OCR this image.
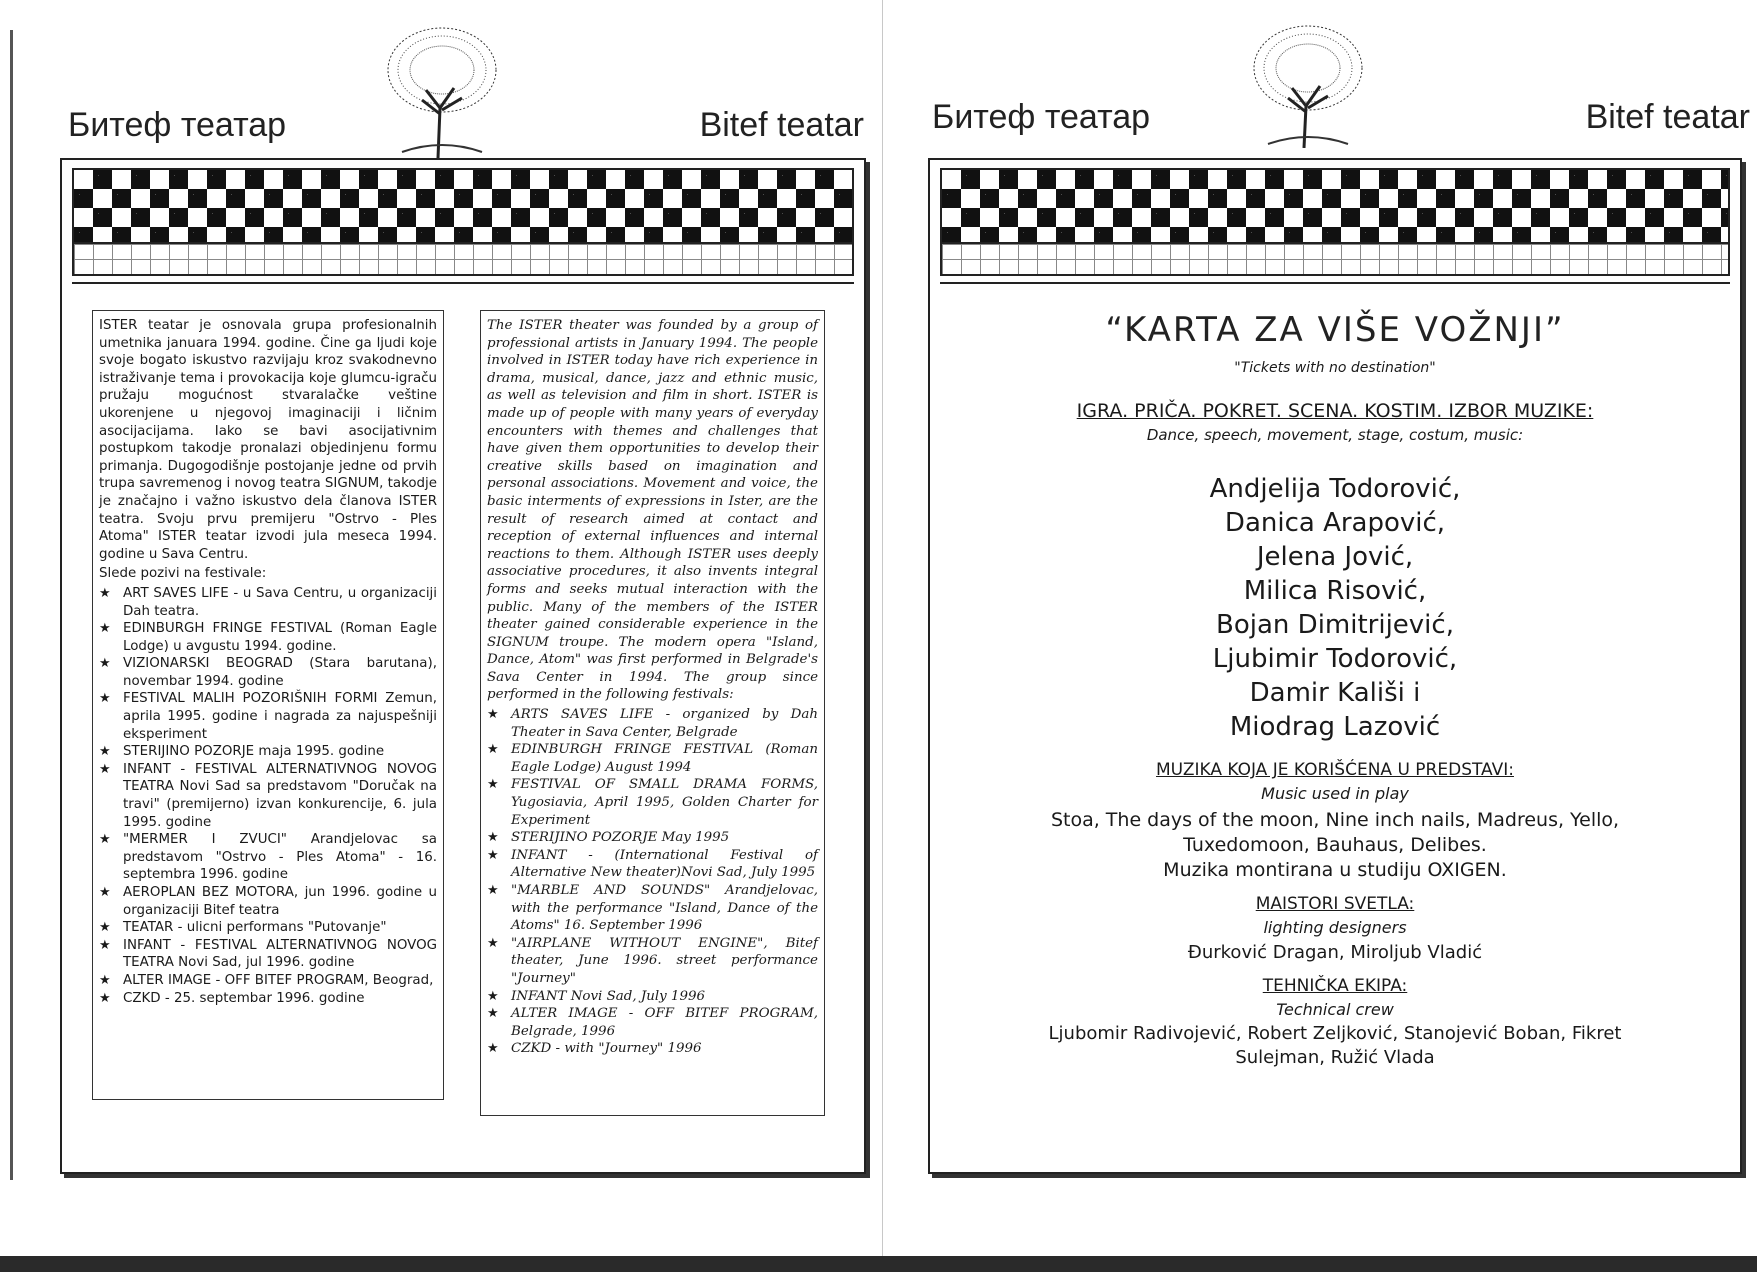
Битеф театар	Bitef teatar

ISTER teatar je osnovala grupa profesionalnih umetnika januara 1994. godine. Čine ga ljudi koje svoje bogato iskustvo razvijaju kroz svakodnevno istraživanje tema i provokacija koje glumcu-igraču pružaju mogućnost stvaralačke veštine ukorenjene u njegovoj imaginaciji i ličnim asocijacijama. Iako se bavi asocijativnim postupkom takodje pronalazi objedinjenu formu primanja. Dugogodišnje postojanje jedne od prvih trupa savremenog i novog teatra SIGNUM, takodje je značajno i važno iskustvo dela članova ISTER teatra. Svoju prvu premijeru "Ostrvo - Ples Atoma" ISTER teatar izvodi jula meseca 1994. godine u Sava Centru.

Slede pozivi na festivale:

★ ART SAVES LIFE - u Sava Centru, u organizaciji Dah teatra.
★ EDINBURGH FRINGE FESTIVAL (Roman Eagle Lodge) u avgustu 1994. godine.
★ VIZIONARSKI BEOGRAD (Stara barutana), novembar 1994. godine
★ FESTIVAL MALIH POZORIŠNIH FORMI Zemun, aprila 1995. godine i nagrada za najuspešniji eksperiment
★ STERIJINO POZORJE maja 1995. godine
★ INFANT - FESTIVAL ALTERNATIVNOG NOVOG TEATRA Novi Sad sa predstavom "Doručak na travi" (premijerno) izvan konkurencije, 6. jula 1995. godine
★ "MERMER I ZVUCI" Arandjelovac sa predstavom "Ostrvo - Ples Atoma" - 16. septembra 1996. godine
★ AEROPLAN BEZ MOTORA, jun 1996. godine u organizaciji Bitef teatra
★ TEATAR - ulicni performans "Putovanje"
★ INFANT - FESTIVAL ALTERNATIVNOG NOVOG TEATRA Novi Sad, jul 1996. godine
★ ALTER IMAGE - OFF BITEF PROGRAM, Beograd,
★ CZKD - 25. septembar 1996. godine

The ISTER theater was founded by a group of professional artists in January 1994. The people involved in ISTER today have rich experience in drama, musical, dance, jazz and ethnic music, as well as television and film in short. ISTER is made up of people with many years of everyday encounters with themes and challenges that have given them opportunities to develop their creative skills based on imagination and personal associations. Movement and voice, the basic interments of expressions in Ister, are the result of research aimed at contact and reception of external influences and internal reactions to them. Although ISTER uses deeply associative procedures, it also invents integral forms and seeks mutual interaction with the public. Many of the members of the ISTER theater gained considerable experience in the SIGNUM troupe. The modern opera "Island, Dance, Atom" was first performed in Belgrade's Sava Center in 1994. The group since performed in the following festivals:

★ ARTS SAVES LIFE - organized by Dah Theater in Sava Center, Belgrade
★ EDINBURGH FRINGE FESTIVAL (Roman Eagle Lodge) August 1994
★ FESTIVAL OF SMALL DRAMA FORMS, Yugosiavia, April 1995, Golden Charter for Experiment
★ STERIJINO POZORJE May 1995
★ INFANT - (International Festival of Alternative New theater)Novi Sad, July 1995
★ "MARBLE AND SOUNDS" Arandjelovac, with the performance "Island, Dance of the Atoms" 16. September 1996
★ "AIRPLANE WITHOUT ENGINE", Bitef theater, June 1996. street performance "Journey"
★ INFANT Novi Sad, July 1996
★ ALTER IMAGE - OFF BITEF PROGRAM, Belgrade, 1996
★ CZKD - with "Journey" 1996
Битеф театар	Bitef teatar
“KARTA ZA VIŠE VOŽNJI”
"Tickets with no destination"
IGRA. PRIČA. POKRET. SCENA. KOSTIM. IZBOR MUZIKE:
Dance, speech, movement, stage, costum, music:
Andjelija Todorović,
Danica Arapović,
Jelena Jović,
Milica Risović,
Bojan Dimitrijević,
Ljubimir Todorović,
Damir Kališi i
Miodrag Lazović
MUZIKA KOJA JE KORIŠĆENA U PREDSTAVI:
Music used in play
Stoa, The days of the moon, Nine inch nails, Madreus, Yello, Tuxedomoon, Bauhaus, Delibes.
Muzika montirana u studiju OXIGEN.
MAISTORI SVETLA:
lighting designers
Đurković Dragan, Miroljub Vladić
TEHNIČKA EKIPA:
Technical crew
Ljubomir Radivojević, Robert Zeljković, Stanojević Boban, Fikret Sulejman, Ružić Vlada
